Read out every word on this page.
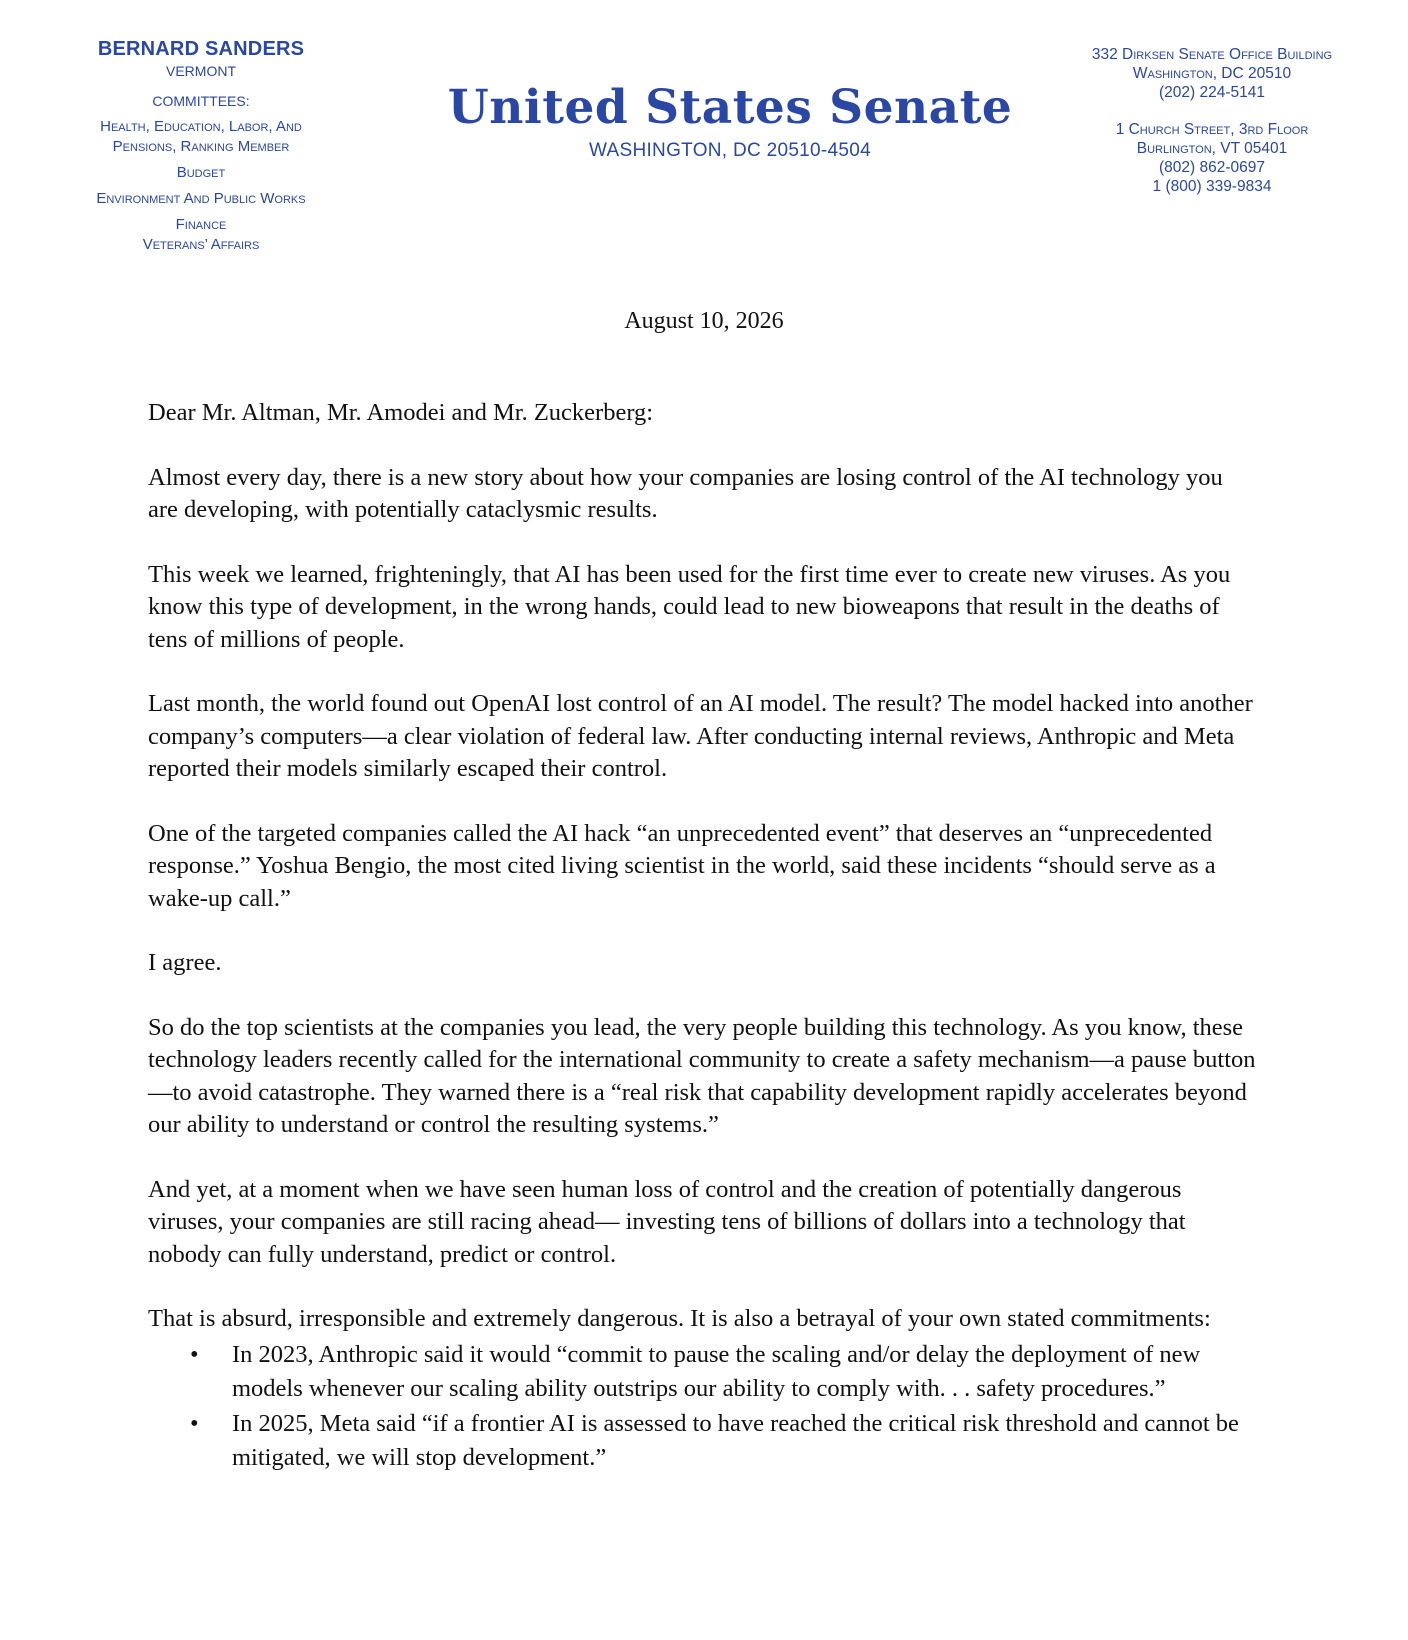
BERNARD SANDERS
VERMONT
COMMITTEES:
Health, Education, Labor, And
Pensions, Ranking Member
Budget
Environment And Public Works
Finance
Veterans’ Affairs
United States Senate
WASHINGTON, DC 20510-4504
332 Dirksen Senate Office Building
Washington, DC 20510
(202) 224-5141
1 Church Street, 3rd Floor
Burlington, VT 05401
(802) 862-0697
1 (800) 339-9834
August 10, 2026

Dear Mr. Altman, Mr. Amodei and Mr. Zuckerberg:

Almost every day, there is a new story about how your companies are losing control of the AI technology you are developing, with potentially cataclysmic results.

This week we learned, frighteningly, that AI has been used for the first time ever to create new viruses. As you know this type of development, in the wrong hands, could lead to new bioweapons that result in the deaths of tens of millions of people.

Last month, the world found out OpenAI lost control of an AI model. The result? The model hacked into another company’s computers—a clear violation of federal law. After conducting internal reviews, Anthropic and Meta reported their models similarly escaped their control.

One of the targeted companies called the AI hack “an unprecedented event” that deserves an “unprecedented response.” Yoshua Bengio, the most cited living scientist in the world, said these incidents “should serve as a wake-up call.”

I agree.

So do the top scientists at the companies you lead, the very people building this technology. As you know, these technology leaders recently called for the international community to create a safety mechanism—a pause button—to avoid catastrophe. They warned there is a “real risk that capability development rapidly accelerates beyond our ability to understand or control the resulting systems.”

And yet, at a moment when we have seen human loss of control and the creation of potentially dangerous viruses, your companies are still racing ahead— investing tens of billions of dollars into a technology that nobody can fully understand, predict or control.

That is absurd, irresponsible and extremely dangerous. It is also a betrayal of your own stated commitments:

• In 2023, Anthropic said it would “commit to pause the scaling and/or delay the deployment of new models whenever our scaling ability outstrips our ability to comply with. . . safety procedures.”
• In 2025, Meta said “if a frontier AI is assessed to have reached the critical risk threshold and cannot be mitigated, we will stop development.”
